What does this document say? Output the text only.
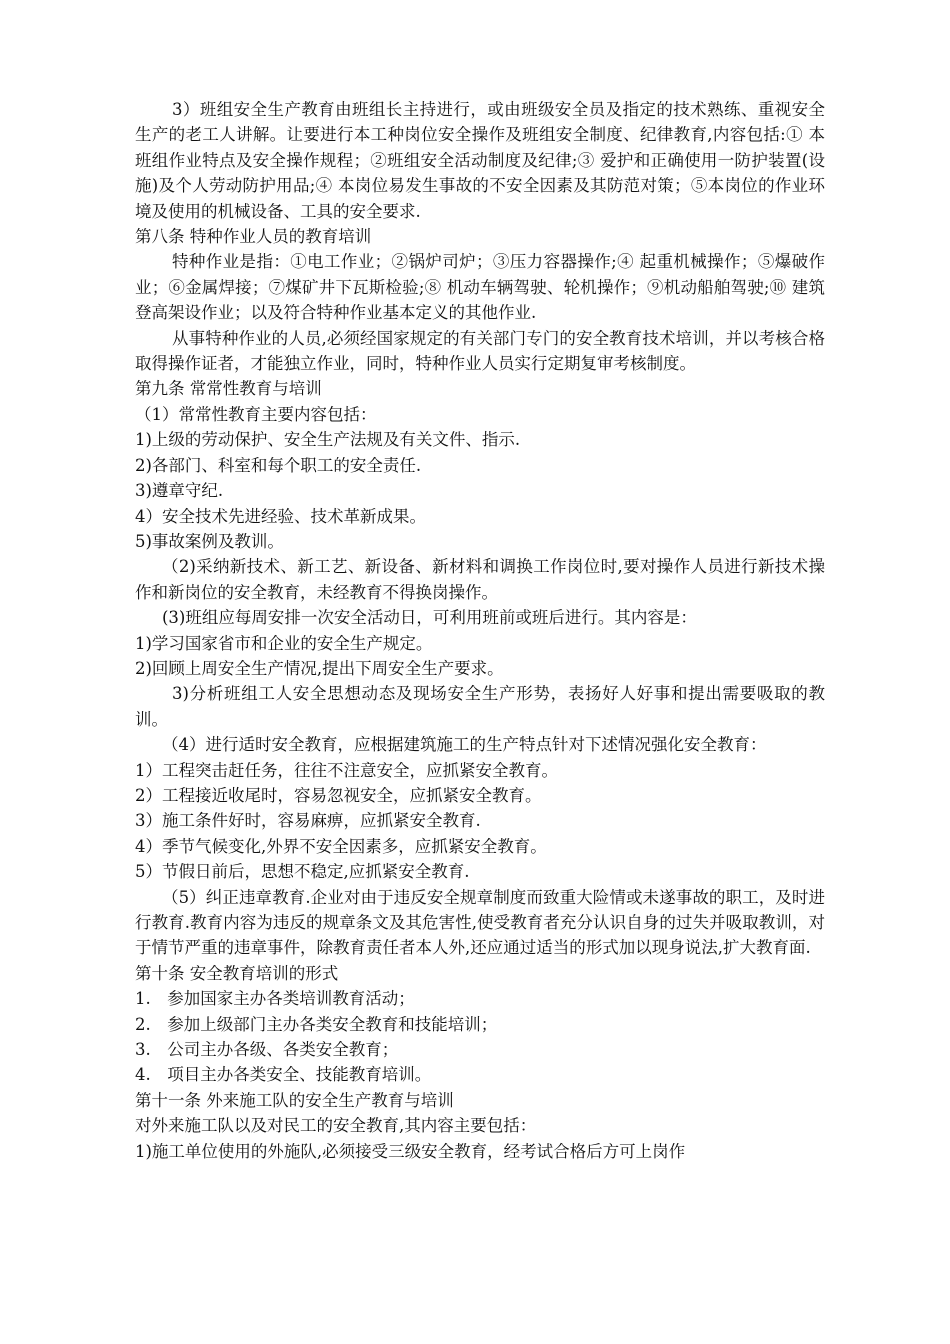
3）班组安全生产教育由班组长主持进行，或由班级安全员及指定的技术熟练、重视安全生产的老工人讲解。让要进行本工种岗位安全操作及班组安全制度、纪律教育,内容包括:① 本班组作业特点及安全操作规程；②班组安全活动制度及纪律;③ 爱护和正确使用一防护装置(设施)及个人劳动防护用品;④ 本岗位易发生事故的不安全因素及其防范对策；⑤本岗位的作业环境及使用的机械设备、工具的安全要求.

第八条 特种作业人员的教育培训

特种作业是指：①电工作业；②锅炉司炉；③压力容器操作;④ 起重机械操作；⑤爆破作业；⑥金属焊接；⑦煤矿井下瓦斯检验;⑧ 机动车辆驾驶、轮机操作；⑨机动船舶驾驶;⑩ 建筑登高架设作业；以及符合特种作业基本定义的其他作业.

从事特种作业的人员,必须经国家规定的有关部门专门的安全教育技术培训，并以考核合格取得操作证者，才能独立作业，同时，特种作业人员实行定期复审考核制度。

第九条 常常性教育与培训

（1）常常性教育主要内容包括：

1)上级的劳动保护、安全生产法规及有关文件、指示.

2)各部门、科室和每个职工的安全责任.

3)遵章守纪.

4）安全技术先进经验、技术革新成果。

5)事故案例及教训。

（2)采纳新技术、新工艺、新设备、新材料和调换工作岗位时,要对操作人员进行新技术操作和新岗位的安全教育，未经教育不得换岗操作。

(3)班组应每周安排一次安全活动日，可利用班前或班后进行。其内容是：

1)学习国家省市和企业的安全生产规定。

2)回顾上周安全生产情况,提出下周安全生产要求。

3)分析班组工人安全思想动态及现场安全生产形势，表扬好人好事和提出需要吸取的教训。

（4）进行适时安全教育，应根据建筑施工的生产特点针对下述情况强化安全教育：

1）工程突击赶任务，往往不注意安全，应抓紧安全教育。

2）工程接近收尾时，容易忽视安全，应抓紧安全教育。

3）施工条件好时，容易麻痹，应抓紧安全教育.

4）季节气候变化,外界不安全因素多，应抓紧安全教育。

5）节假日前后，思想不稳定,应抓紧安全教育.

（5）纠正违章教育.企业对由于违反安全规章制度而致重大险情或未遂事故的职工，及时进行教育.教育内容为违反的规章条文及其危害性,使受教育者充分认识自身的过失并吸取教训，对于情节严重的违章事件，除教育责任者本人外,还应通过适当的形式加以现身说法,扩大教育面.

第十条 安全教育培训的形式

1.　参加国家主办各类培训教育活动；

2.　参加上级部门主办各类安全教育和技能培训；

3.　公司主办各级、各类安全教育；

4.　项目主办各类安全、技能教育培训。

第十一条 外来施工队的安全生产教育与培训

对外来施工队以及对民工的安全教育,其内容主要包括：

1)施工单位使用的外施队,必须接受三级安全教育，经考试合格后方可上岗作
